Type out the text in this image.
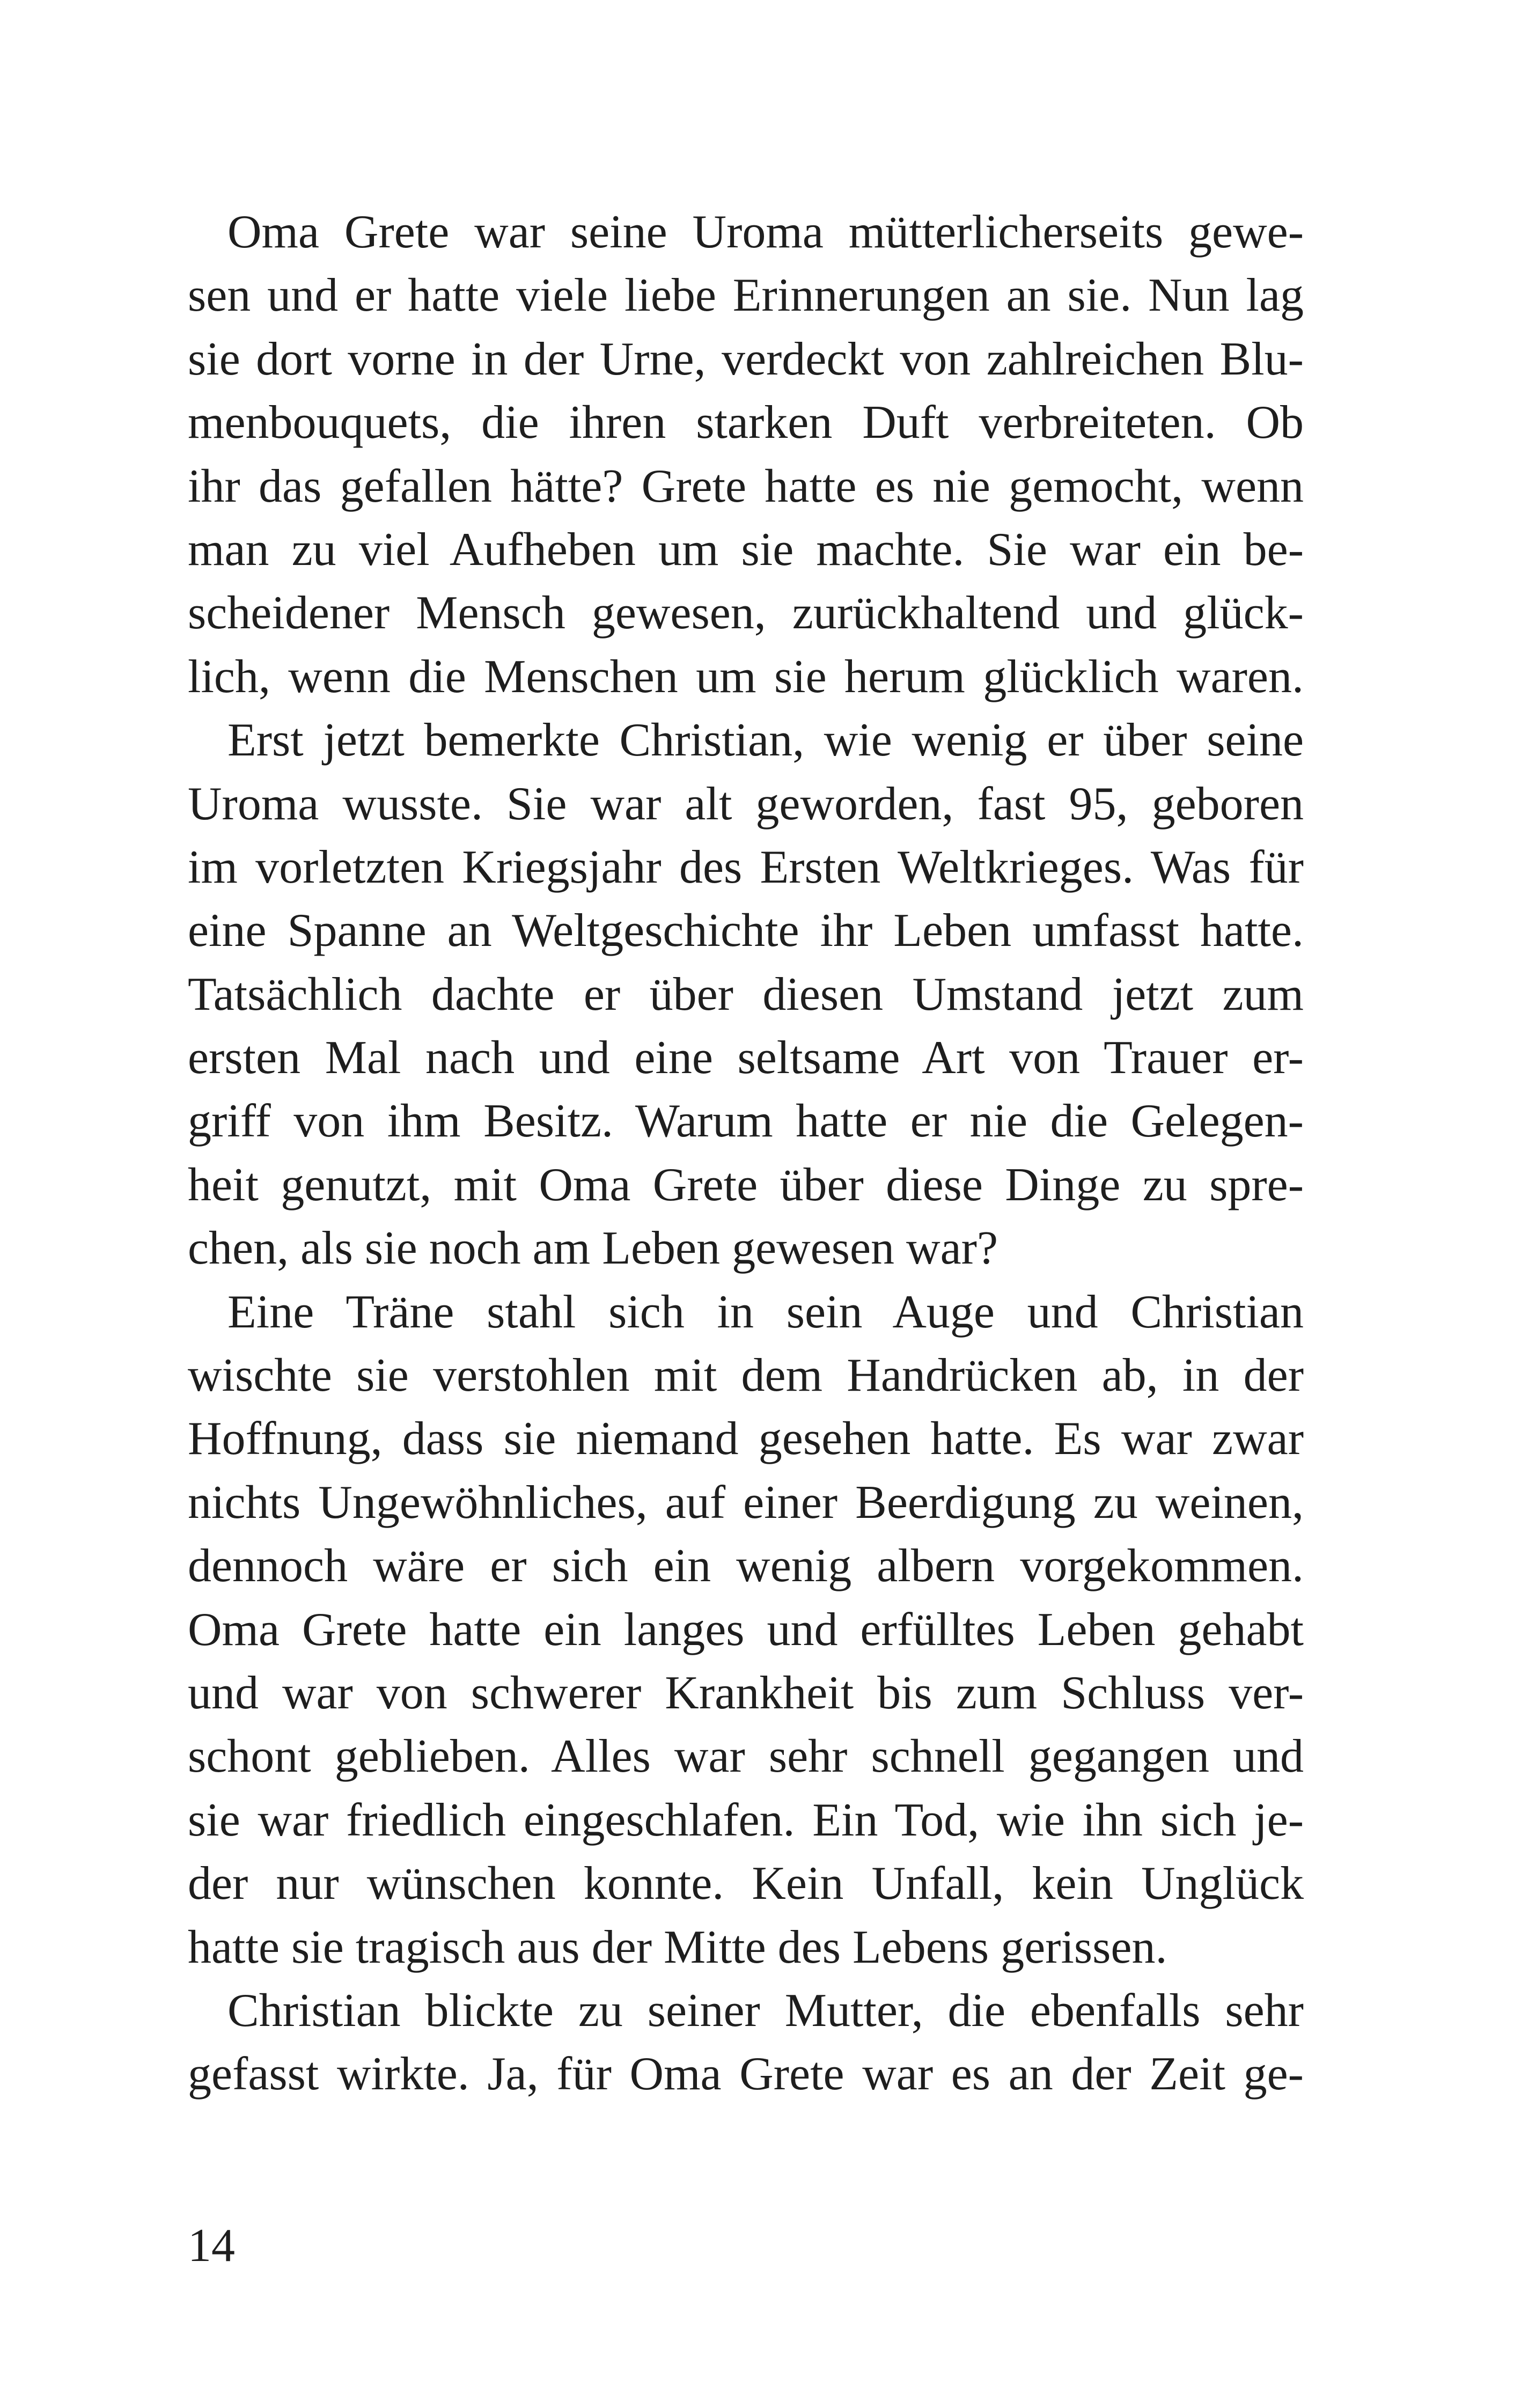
Oma Grete war seine Uroma mütterlicherseits gewe-
sen und er hatte viele liebe Erinnerungen an sie. Nun lag
sie dort vorne in der Urne, verdeckt von zahlreichen Blu-
menbouquets, die ihren starken Duft verbreiteten. Ob
ihr das gefallen hätte? Grete hatte es nie gemocht, wenn
man zu viel Aufheben um sie machte. Sie war ein be-
scheidener Mensch gewesen, zurückhaltend und glück-
lich, wenn die Menschen um sie herum glücklich waren.
Erst jetzt bemerkte Christian, wie wenig er über seine
Uroma wusste. Sie war alt geworden, fast 95, geboren
im vorletzten Kriegsjahr des Ersten Weltkrieges. Was für
eine Spanne an Weltgeschichte ihr Leben umfasst hatte.
Tatsächlich dachte er über diesen Umstand jetzt zum
ersten Mal nach und eine seltsame Art von Trauer er-
griff von ihm Besitz. Warum hatte er nie die Gelegen-
heit genutzt, mit Oma Grete über diese Dinge zu spre-
chen, als sie noch am Leben gewesen war?
Eine Träne stahl sich in sein Auge und Christian
wischte sie verstohlen mit dem Handrücken ab, in der
Hoffnung, dass sie niemand gesehen hatte. Es war zwar
nichts Ungewöhnliches, auf einer Beerdigung zu weinen,
dennoch wäre er sich ein wenig albern vorgekommen.
Oma Grete hatte ein langes und erfülltes Leben gehabt
und war von schwerer Krankheit bis zum Schluss ver-
schont geblieben. Alles war sehr schnell gegangen und
sie war friedlich eingeschlafen. Ein Tod, wie ihn sich je-
der nur wünschen konnte. Kein Unfall, kein Unglück
hatte sie tragisch aus der Mitte des Lebens gerissen.
Christian blickte zu seiner Mutter, die ebenfalls sehr
gefasst wirkte. Ja, für Oma Grete war es an der Zeit ge-
14
